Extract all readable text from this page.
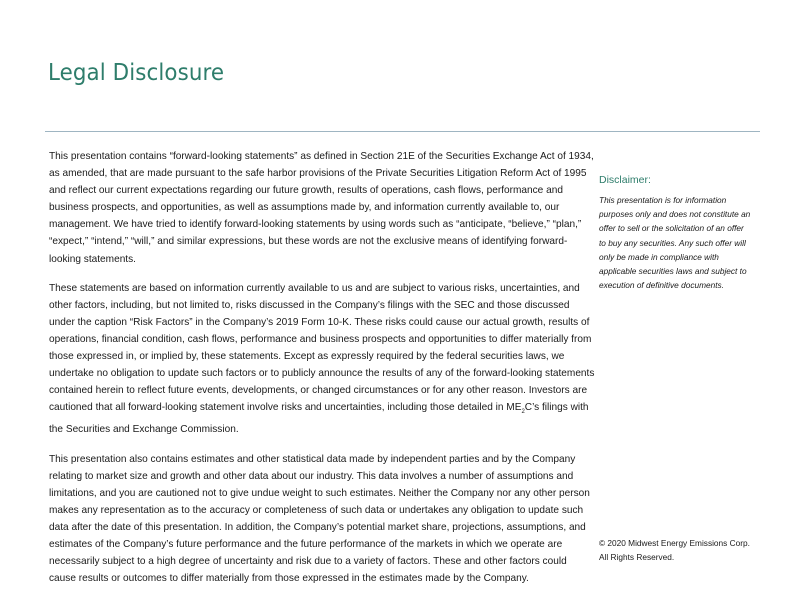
Legal Disclosure

This presentation contains “forward-looking statements” as defined in Section 21E of the Securities Exchange Act of 1934,
as amended, that are made pursuant to the safe harbor provisions of the Private Securities Litigation Reform Act of 1995
and reflect our current expectations regarding our future growth, results of operations, cash flows, performance and
business prospects, and opportunities, as well as assumptions made by, and information currently available to, our
management. We have tried to identify forward-looking statements by using words such as “anticipate, “believe,” “plan,”
“expect,” “intend,” “will,” and similar expressions, but these words are not the exclusive means of identifying forward-
looking statements.

These statements are based on information currently available to us and are subject to various risks, uncertainties, and
other factors, including, but not limited to, risks discussed in the Company’s filings with the SEC and those discussed
under the caption “Risk Factors” in the Company’s 2019 Form 10-K. These risks could cause our actual growth, results of
operations, financial condition, cash flows, performance and business prospects and opportunities to differ materially from
those expressed in, or implied by, these statements. Except as expressly required by the federal securities laws, we
undertake no obligation to update such factors or to publicly announce the results of any of the forward-looking statements
contained herein to reflect future events, developments, or changed circumstances or for any other reason. Investors are
cautioned that all forward-looking statement involve risks and uncertainties, including those detailed in $ME_2C’s$ filings with
the Securities and Exchange Commission.

This presentation also contains estimates and other statistical data made by independent parties and by the Company
relating to market size and growth and other data about our industry. This data involves a number of assumptions and
limitations, and you are cautioned not to give undue weight to such estimates. Neither the Company nor any other person
makes any representation as to the accuracy or completeness of such data or undertakes any obligation to update such
data after the date of this presentation. In addition, the Company’s potential market share, projections, assumptions, and
estimates of the Company’s future performance and the future performance of the markets in which we operate are
necessarily subject to a high degree of uncertainty and risk due to a variety of factors. These and other factors could
cause results or outcomes to differ materially from those expressed in the estimates made by the Company.

Disclaimer:

This presentation is for information
purposes only and does not constitute an
offer to sell or the solicitation of an offer
to buy any securities. Any such offer will
only be made in compliance with
applicable securities laws and subject to
execution of definitive documents.

© 2020 Midwest Energy Emissions Corp.
All Rights Reserved.
